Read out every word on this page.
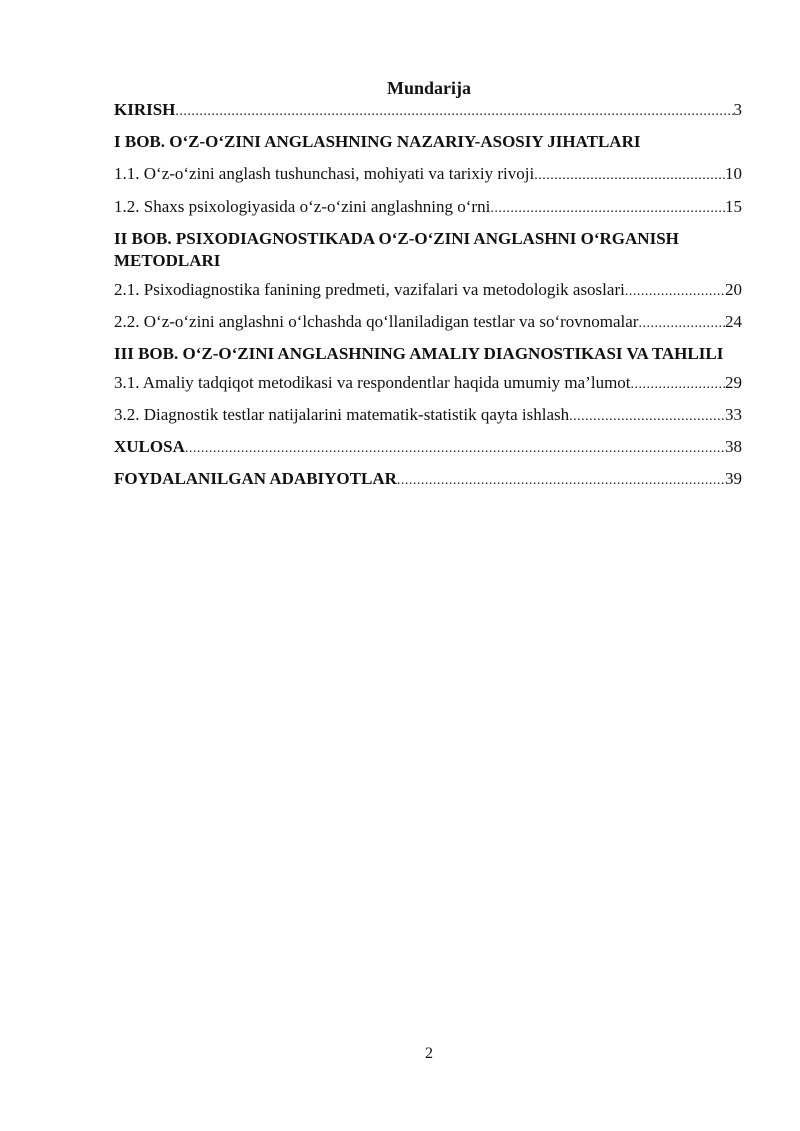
Mundarija
KIRISH .....	3
I BOB. O‘Z-O‘ZINI ANGLASHNING NAZARIY-ASOSIY JIHATLARI
1.1. O‘z-o‘zini anglash tushunchasi, mohiyati va tarixiy rivoji .....	10
1.2. Shaxs psixologiyasida o‘z-o‘zini anglashning o‘rni .....	15
II BOB. PSIXODIAGNOSTIKADA O‘Z-O‘ZINI ANGLASHNI O‘RGANISH METODLARI
2.1. Psixodiagnostika fanining predmeti, vazifalari va metodologik asoslari .....	20
2.2. O‘z-o‘zini anglashni o‘lchashda qo‘llaniladigan testlar va so‘rovnomalar .....	24
III BOB. O‘Z-O‘ZINI ANGLASHNING AMALIY DIAGNOSTIKASI VA TAHLILI
3.1. Amaliy tadqiqot metodikasi va respondentlar haqida umumiy ma’lumot .....	29
3.2. Diagnostik testlar natijalarini matematik-statistik qayta ishlash .....	33
XULOSA .....	38
FOYDALANILGAN ADABIYOTLAR .....	39
2
